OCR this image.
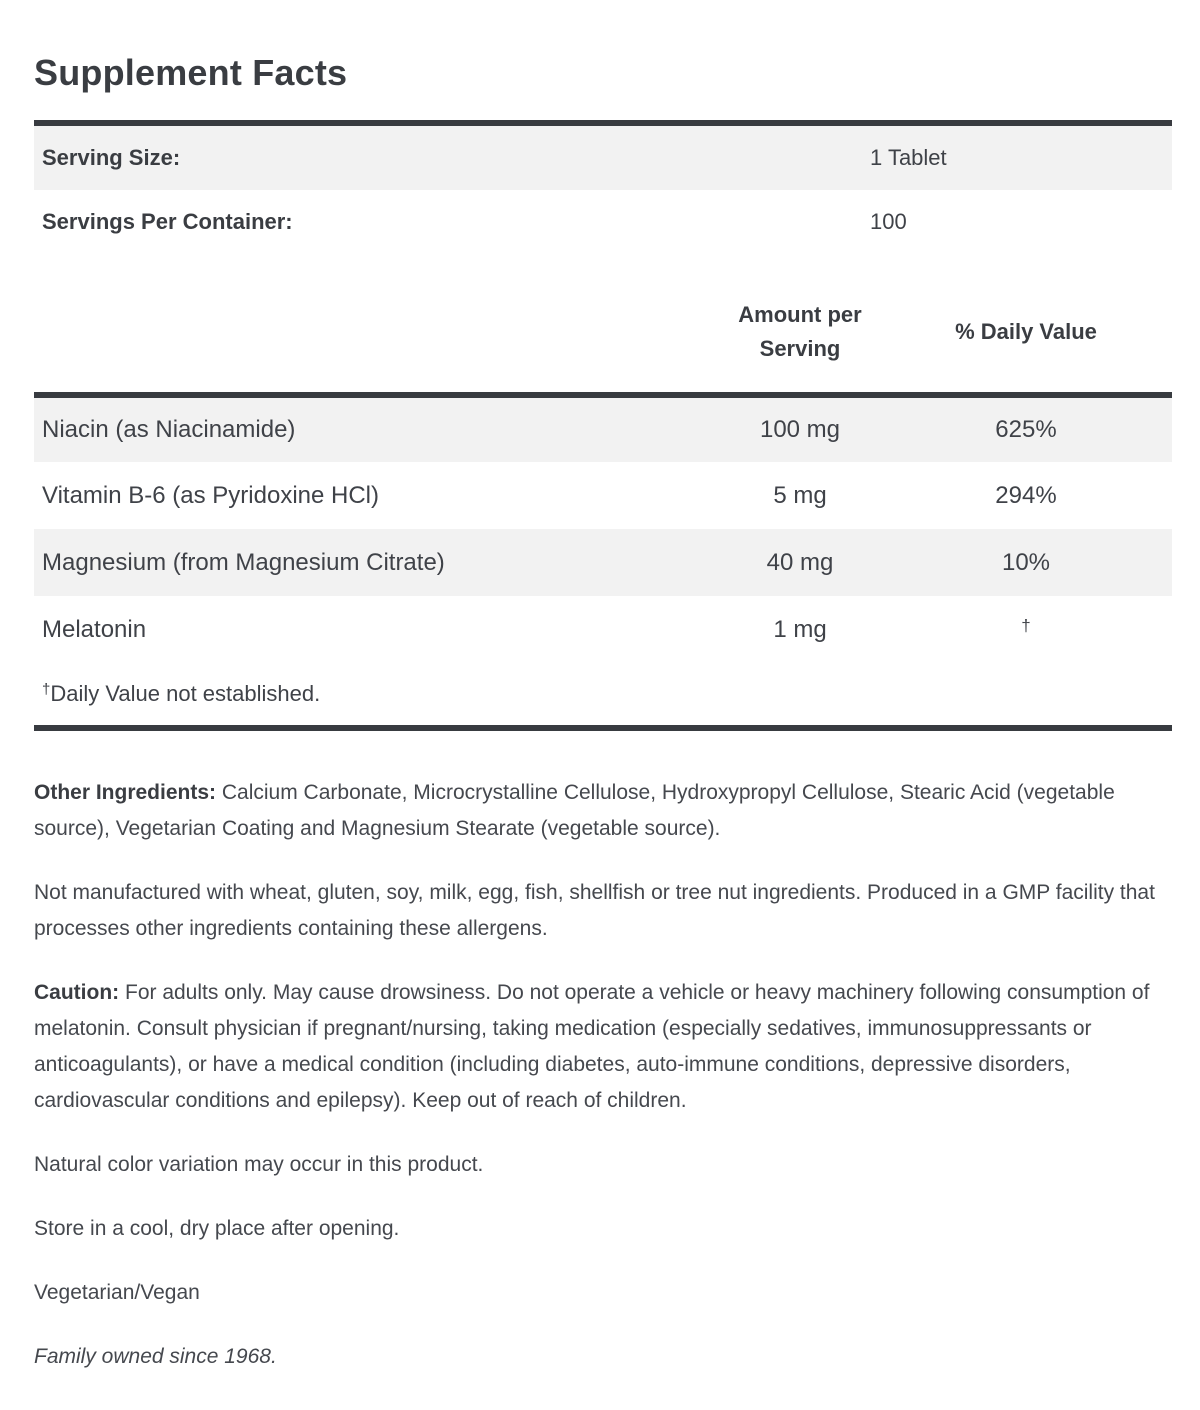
Supplement Facts
Serving Size:	1 Tablet
Servings Per Container:	100

	Amount per Serving	% Daily Value
Niacin (as Niacinamide)	100 mg	625%
Vitamin B-6 (as Pyridoxine HCl)	5 mg	294%
Magnesium (from Magnesium Citrate)	40 mg	10%
Melatonin	1 mg	†
†Daily Value not established.		

Other Ingredients: Calcium Carbonate, Microcrystalline Cellulose, Hydroxypropyl Cellulose, Stearic Acid (vegetable source), Vegetarian Coating and Magnesium Stearate (vegetable source).

Not manufactured with wheat, gluten, soy, milk, egg, fish, shellfish or tree nut ingredients. Produced in a GMP facility that processes other ingredients containing these allergens.

Caution: For adults only. May cause drowsiness. Do not operate a vehicle or heavy machinery following consumption of melatonin. Consult physician if pregnant/nursing, taking medication (especially sedatives, immunosuppressants or anticoagulants), or have a medical condition (including diabetes, auto-immune conditions, depressive disorders, cardiovascular conditions and epilepsy). Keep out of reach of children.

Natural color variation may occur in this product.

Store in a cool, dry place after opening.

Vegetarian/Vegan

Family owned since 1968.
